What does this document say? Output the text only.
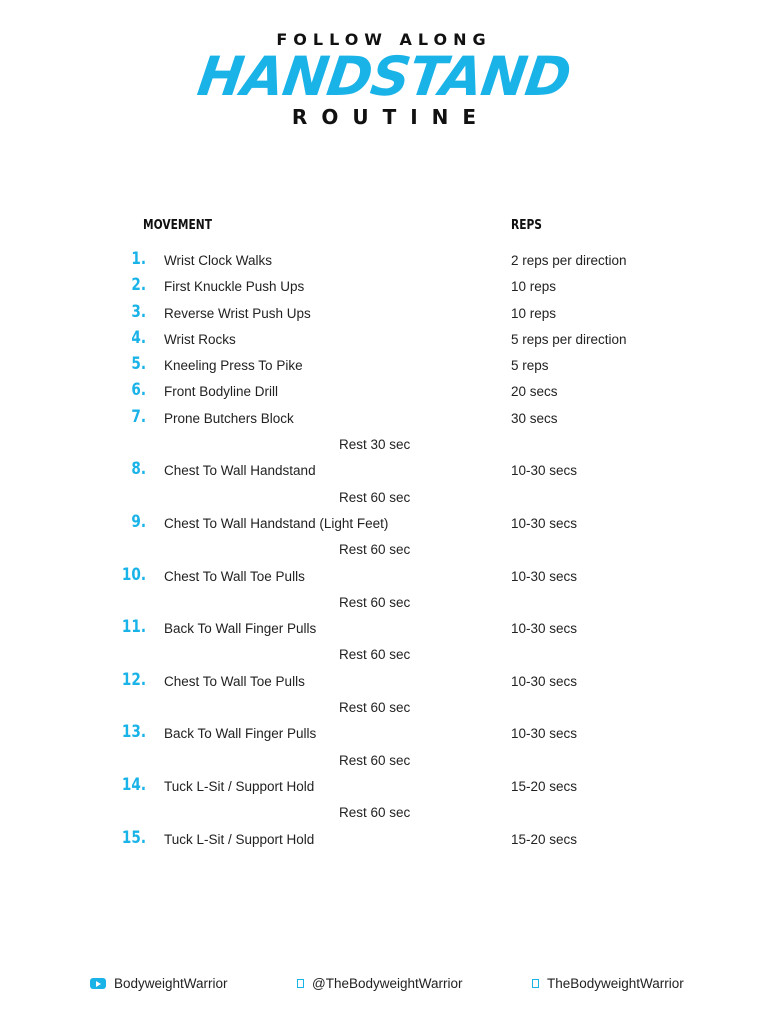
FOLLOW ALONG
HANDSTAND
ROUTINE
MOVEMENT	REPS
1. Wrist Clock Walks	2 reps per direction
2. First Knuckle Push Ups	10 reps
3. Reverse Wrist Push Ups	10 reps
4. Wrist Rocks	5 reps per direction
5. Kneeling Press To Pike	5 reps
6. Front Bodyline Drill	20 secs
7. Prone Butchers Block	30 secs
Rest 30 sec
8. Chest To Wall Handstand	10-30 secs
Rest 60 sec
9. Chest To Wall Handstand (Light Feet)	10-30 secs
Rest 60 sec
10. Chest To Wall Toe Pulls	10-30 secs
Rest 60 sec
11. Back To Wall Finger Pulls	10-30 secs
Rest 60 sec
12. Chest To Wall Toe Pulls	10-30 secs
Rest 60 sec
13. Back To Wall Finger Pulls	10-30 secs
Rest 60 sec
14. Tuck L-Sit / Support Hold	15-20 secs
Rest 60 sec
15. Tuck L-Sit / Support Hold	15-20 secs
BodyweightWarrior	@TheBodyweightWarrior	TheBodyweightWarrior
